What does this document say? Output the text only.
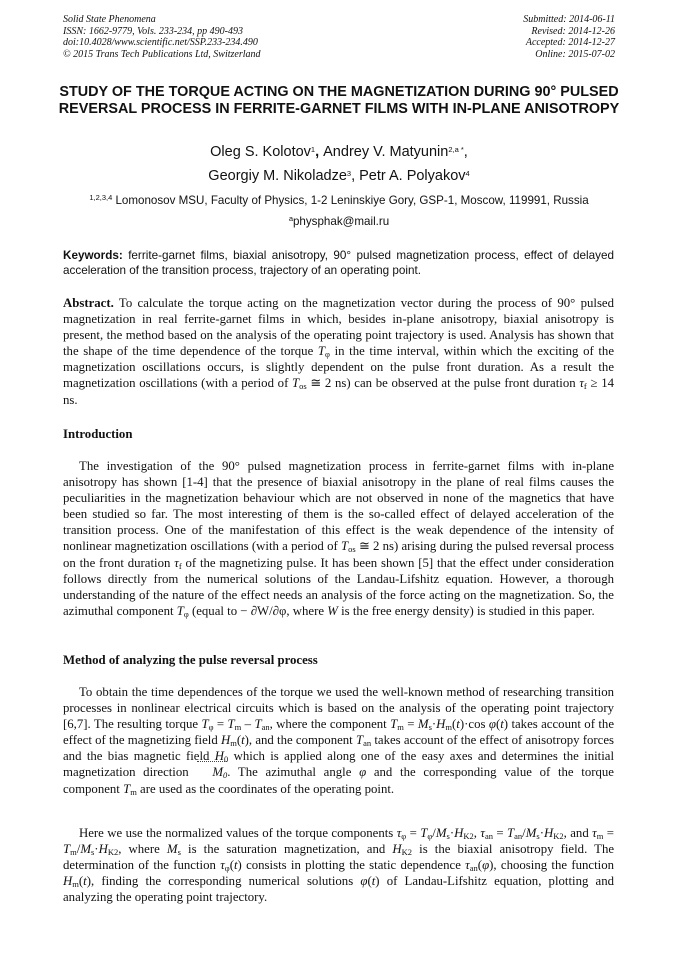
Solid State Phenomena
ISSN: 1662-9779, Vols. 233-234, pp 490-493
doi:10.4028/www.scientific.net/SSP.233-234.490
© 2015 Trans Tech Publications Ltd, Switzerland
Submitted: 2014-06-11
Revised: 2014-12-26
Accepted: 2014-12-27
Online: 2015-07-02
STUDY OF THE TORQUE ACTING ON THE MAGNETIZATION DURING 90° PULSED REVERSAL PROCESS IN FERRITE-GARNET FILMS WITH IN-PLANE ANISOTROPY
Oleg S. Kolotov$^1$, Andrey V. Matyunin$^{2,a *}$,
Georgiy M. Nikoladze$^3$, Petr A. Polyakov$^4$
$^{1,2,3,4}$ Lomonosov MSU, Faculty of Physics, 1-2 Leninskiye Gory, GSP-1, Moscow, 119991, Russia
$^a$physphak@mail.ru
Keywords: ferrite-garnet films, biaxial anisotropy, 90° pulsed magnetization process, effect of delayed acceleration of the transition process, trajectory of an operating point.
Abstract. To calculate the torque acting on the magnetization vector during the process of 90° pulsed magnetization in real ferrite-garnet films in which, besides in-plane anisotropy, biaxial anisotropy is present, the method based on the analysis of the operating point trajectory is used. Analysis has shown that the shape of the time dependence of the torque $T_\varphi$ in the time interval, within which the exciting of the magnetization oscillations occurs, is slightly dependent on the pulse front duration. As a result the magnetization oscillations (with a period of $T_{os}$ ≅ 2 ns) can be observed at the pulse front duration $\tau_f \ge 14$ ns.
Introduction
The investigation of the 90° pulsed magnetization process in ferrite-garnet films with in-plane anisotropy has shown [1-4] that the presence of biaxial anisotropy in the plane of real films causes the peculiarities in the magnetization behaviour which are not observed in none of the magnetics that have been studied so far. The most interesting of them is the so-called effect of delayed acceleration of the transition process. One of the manifestation of this effect is the weak dependence of the intensity of nonlinear magnetization oscillations (with a period of $T_{os}$ ≅ 2 ns) arising during the pulsed reversal process on the front duration $\tau_f$ of the magnetizing pulse. It has been shown [5] that the effect under consideration follows directly from the numerical solutions of the Landau-Lifshitz equation. However, a thorough understanding of the nature of the effect needs an analysis of the force acting on the magnetization. So, the azimuthal component $T_\varphi$ (equal to − ∂W/∂φ, where W is the free energy density) is studied in this paper.
Method of analyzing the pulse reversal process
To obtain the time dependences of the torque we used the well-known method of researching transition processes in nonlinear electrical circuits which is based on the analysis of the operating point trajectory [6,7]. The resulting torque $T_\varphi = T_m - T_{an}$, where the component $T_m = M_s\cdot H_m(t)\cdot\cos$ φ(t) takes account of the effect of the magnetizing field $H_m(t)$, and the component $T_{an}$ takes account of the effect of anisotropy forces and the bias magnetic field $H_0$ which is applied along one of the easy axes and determines the initial magnetization direction $M_0$. The azimuthal angle φ and the corresponding value of the torque component $T_m$ are used as the coordinates of the operating point.
Here we use the normalized values of the torque components $\tau_\varphi = T_\varphi/M_s\cdot H_{K2}$, $\tau_{an} = T_{an}/M_s\cdot H_{K2}$, and $\tau_m = T_m/M_s\cdot H_{K2}$, where $M_s$ is the saturation magnetization, and $H_{K2}$ is the biaxial anisotropy field. The determination of the function $\tau_\varphi(t)$ consists in plotting the static dependence $\tau_{an}(\varphi)$, choosing the function $H_m(t)$, finding the corresponding numerical solutions φ(t) of Landau-Lifshitz equation, plotting and analyzing the operating point trajectory.
